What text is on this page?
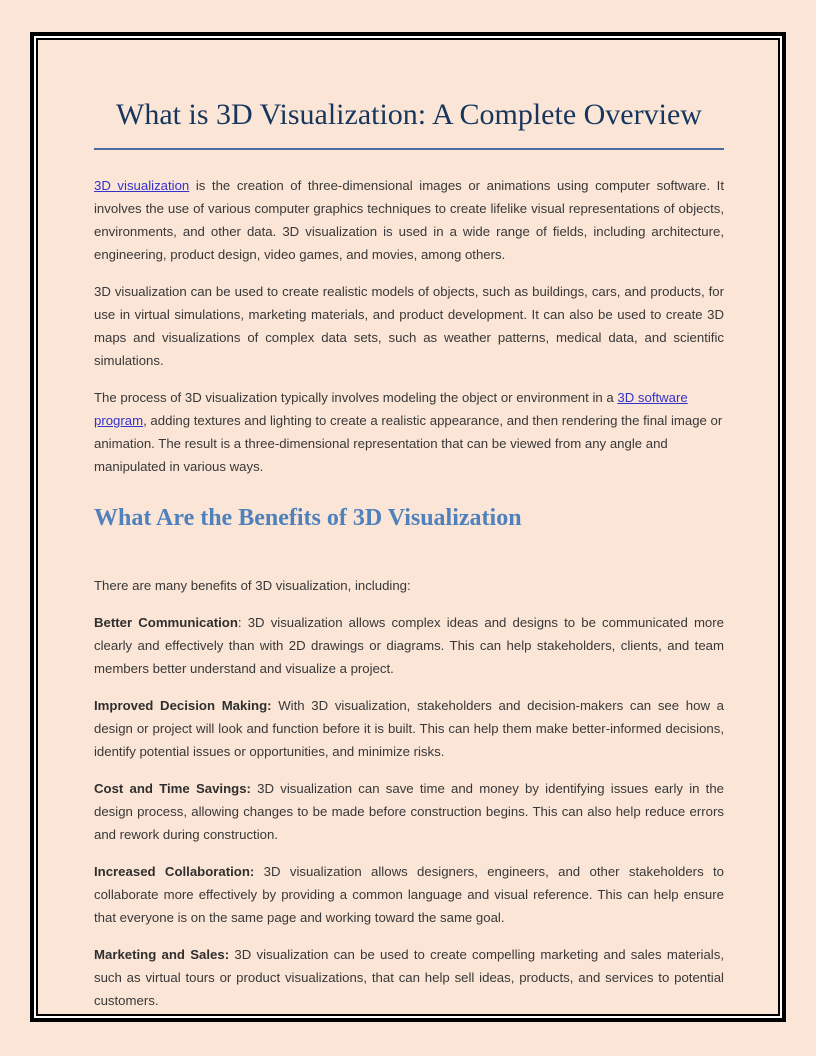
What is 3D Visualization: A Complete Overview

3D visualization is the creation of three-dimensional images or animations using computer software. It involves the use of various computer graphics techniques to create lifelike visual representations of objects, environments, and other data. 3D visualization is used in a wide range of fields, including architecture, engineering, product design, video games, and movies, among others.

3D visualization can be used to create realistic models of objects, such as buildings, cars, and products, for use in virtual simulations, marketing materials, and product development. It can also be used to create 3D maps and visualizations of complex data sets, such as weather patterns, medical data, and scientific simulations.

The process of 3D visualization typically involves modeling the object or environment in a 3D software program, adding textures and lighting to create a realistic appearance, and then rendering the final image or animation. The result is a three-dimensional representation that can be viewed from any angle and manipulated in various ways.

What Are the Benefits of 3D Visualization

There are many benefits of 3D visualization, including:

Better Communication: 3D visualization allows complex ideas and designs to be communicated more clearly and effectively than with 2D drawings or diagrams. This can help stakeholders, clients, and team members better understand and visualize a project.

Improved Decision Making: With 3D visualization, stakeholders and decision-makers can see how a design or project will look and function before it is built. This can help them make better-informed decisions, identify potential issues or opportunities, and minimize risks.

Cost and Time Savings: 3D visualization can save time and money by identifying issues early in the design process, allowing changes to be made before construction begins. This can also help reduce errors and rework during construction.

Increased Collaboration: 3D visualization allows designers, engineers, and other stakeholders to collaborate more effectively by providing a common language and visual reference. This can help ensure that everyone is on the same page and working toward the same goal.

Marketing and Sales: 3D visualization can be used to create compelling marketing and sales materials, such as virtual tours or product visualizations, that can help sell ideas, products, and services to potential customers.
